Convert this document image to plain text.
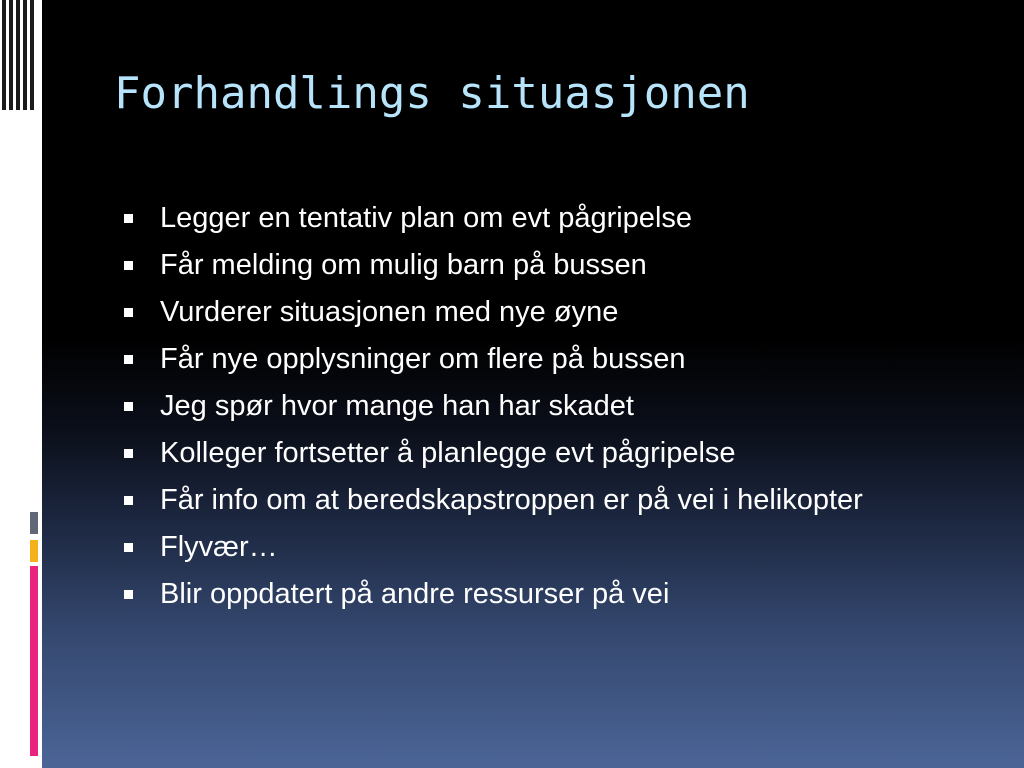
Forhandlings situasjonen
Legger en tentativ plan om evt pågripelse
Får melding om mulig barn på bussen
Vurderer situasjonen med nye øyne
Får nye opplysninger om flere på bussen
Jeg spør hvor mange han har skadet
Kolleger fortsetter å planlegge evt pågripelse
Får info om at beredskapstroppen er på vei i helikopter
Flyvær…
Blir oppdatert på andre ressurser på vei
